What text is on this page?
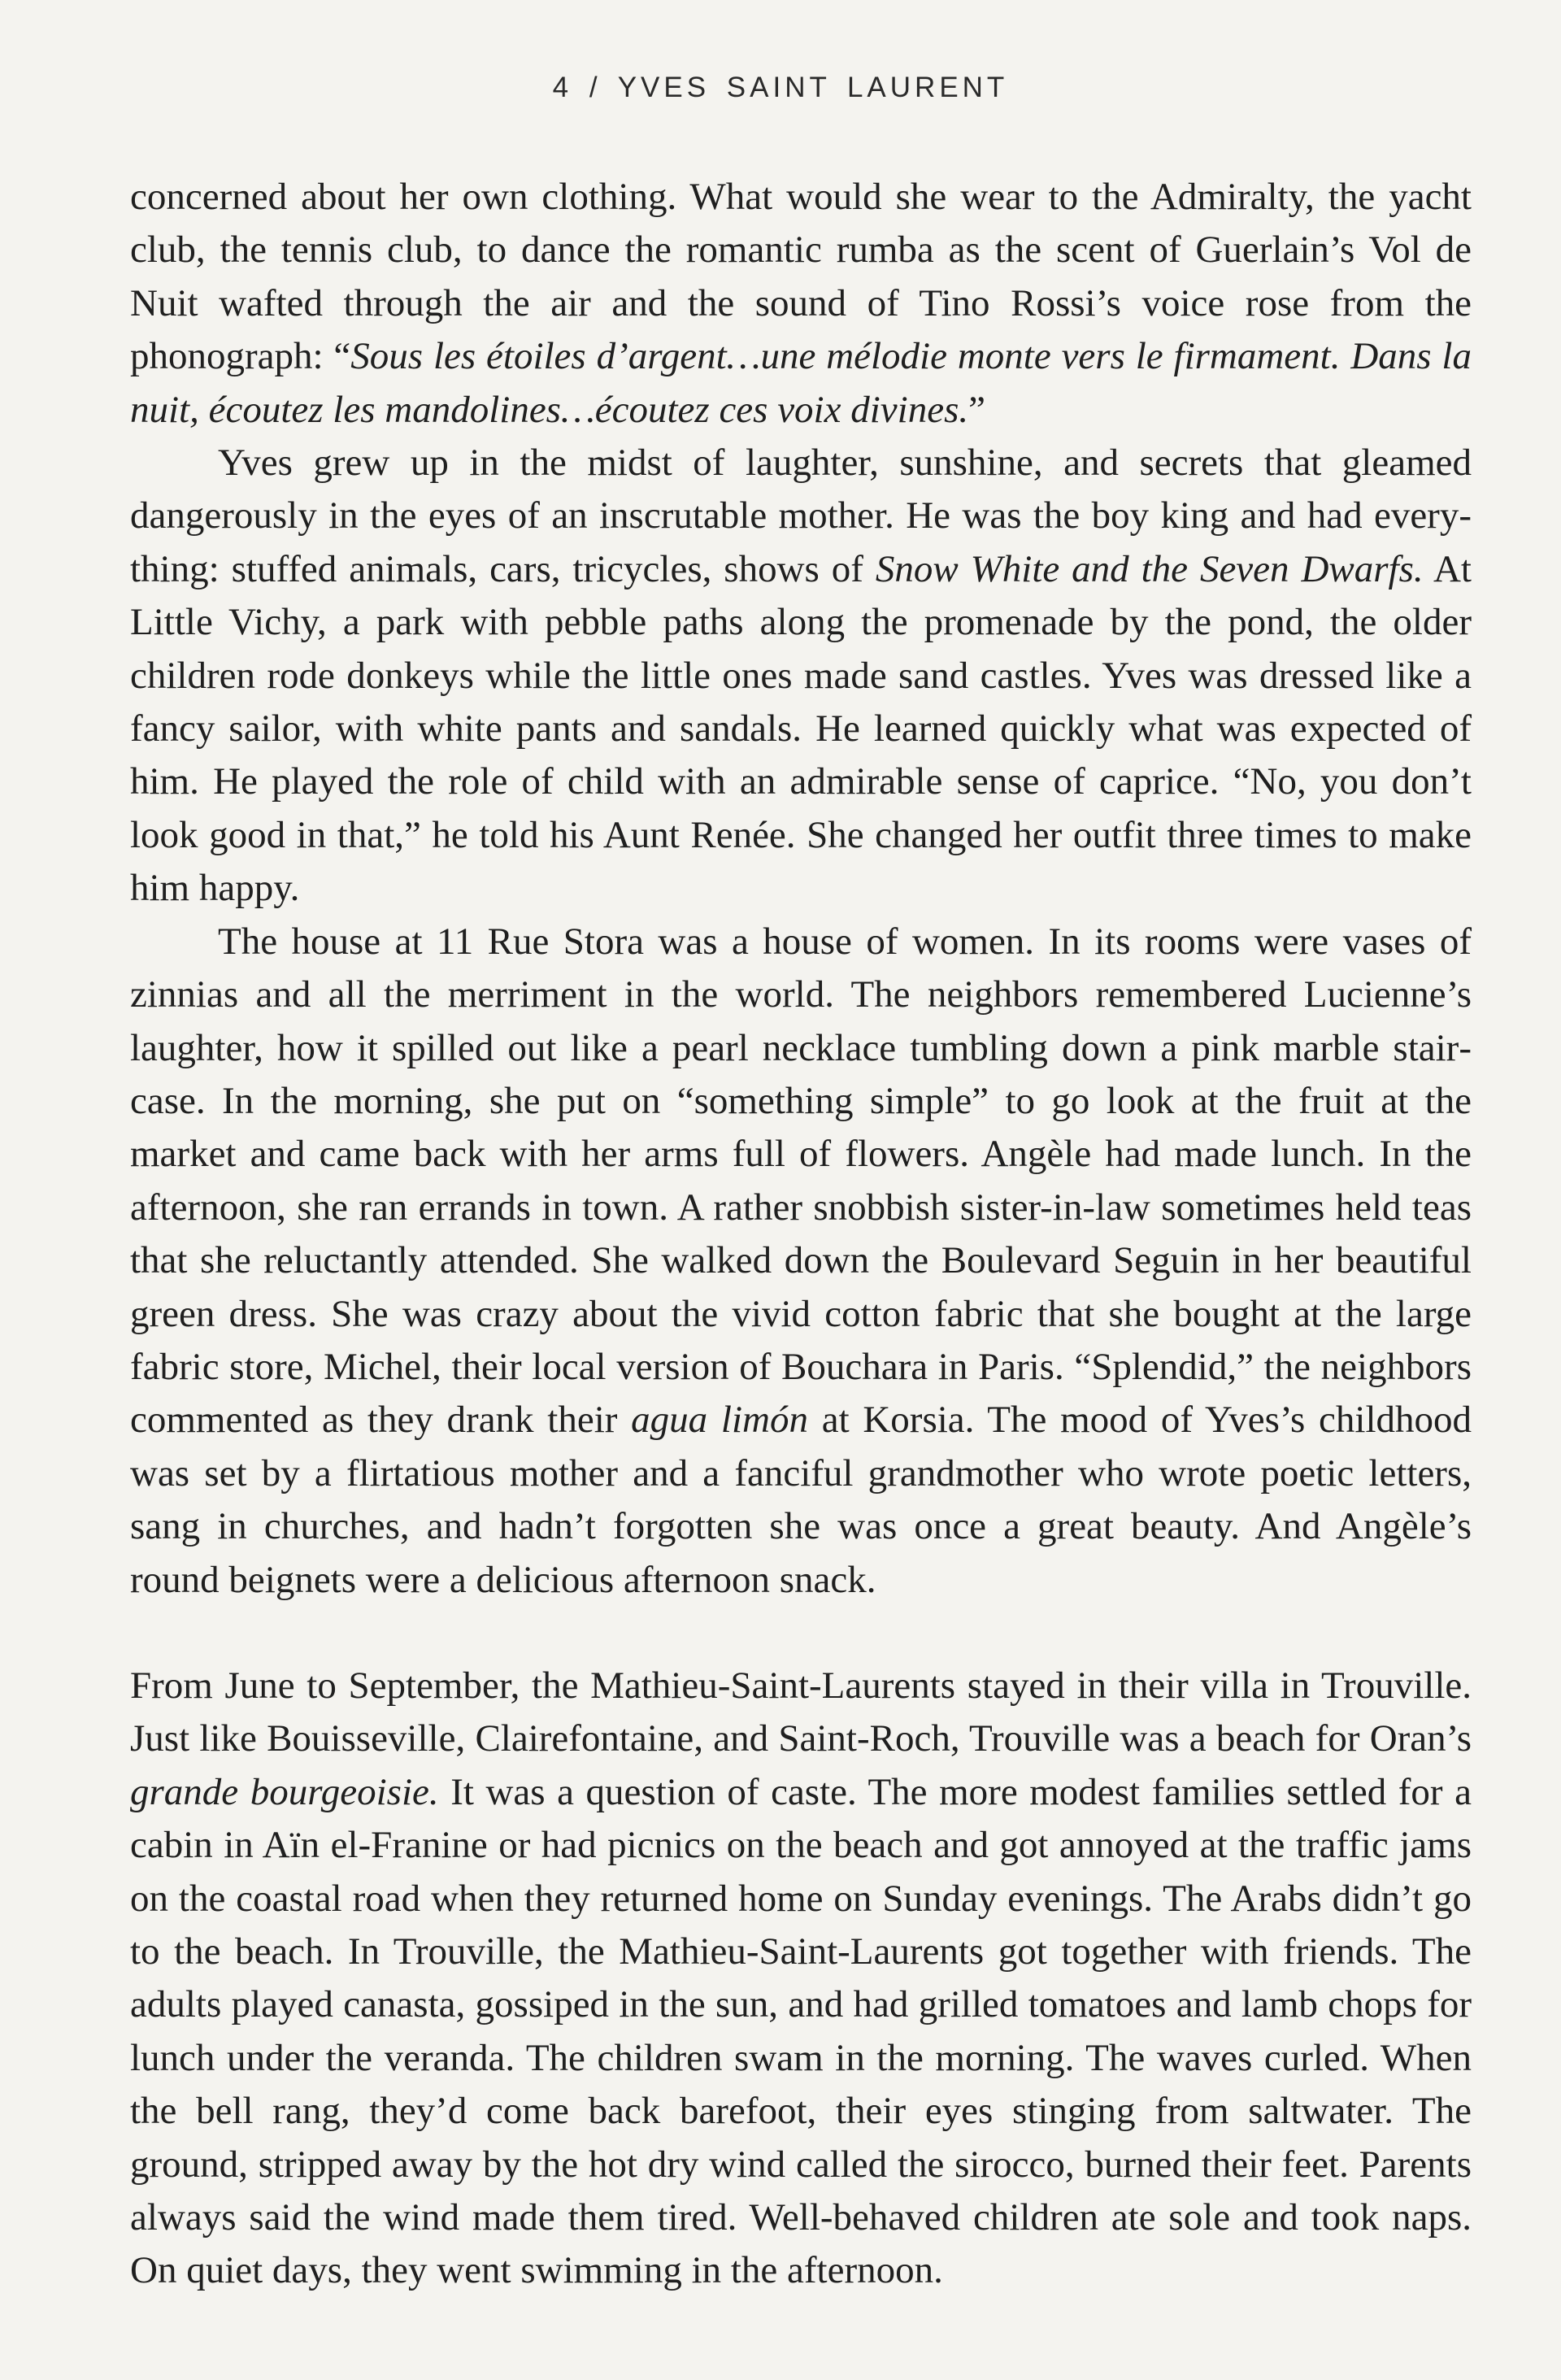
4 / YVES SAINT LAURENT

concerned about her own clothing. What would she wear to the Admiralty, the yacht club, the tennis club, to dance the romantic rumba as the scent of Guerlain’s Vol de Nuit wafted through the air and the sound of Tino Rossi’s voice rose from the phonograph: “Sous les étoiles d’argent…une mélodie monte vers le firmament. Dans la nuit, écoutez les mandolines…écoutez ces voix divines.”

Yves grew up in the midst of laughter, sunshine, and secrets that gleamed dangerously in the eyes of an inscrutable mother. He was the boy king and had everything: stuffed animals, cars, tricycles, shows of Snow White and the Seven Dwarfs. At Little Vichy, a park with pebble paths along the promenade by the pond, the older children rode donkeys while the little ones made sand castles. Yves was dressed like a fancy sailor, with white pants and sandals. He learned quickly what was expected of him. He played the role of child with an admirable sense of caprice. “No, you don’t look good in that,” he told his Aunt Renée. She changed her outfit three times to make him happy.

The house at 11 Rue Stora was a house of women. In its rooms were vases of zinnias and all the merriment in the world. The neighbors remembered Lucienne’s laughter, how it spilled out like a pearl necklace tumbling down a pink marble staircase. In the morning, she put on “something simple” to go look at the fruit at the market and came back with her arms full of flowers. Angèle had made lunch. In the afternoon, she ran errands in town. A rather snobbish sister-in-law sometimes held teas that she reluctantly attended. She walked down the Boulevard Seguin in her beautiful green dress. She was crazy about the vivid cotton fabric that she bought at the large fabric store, Michel, their local version of Bouchara in Paris. “Splendid,” the neighbors commented as they drank their agua limón at Korsia. The mood of Yves’s childhood was set by a flirtatious mother and a fanciful grandmother who wrote poetic letters, sang in churches, and hadn’t forgotten she was once a great beauty. And Angèle’s round beignets were a delicious afternoon snack.

From June to September, the Mathieu-Saint-Laurents stayed in their villa in Trouville. Just like Bouisseville, Clairefontaine, and Saint-Roch, Trouville was a beach for Oran’s grande bourgeoisie. It was a question of caste. The more modest families settled for a cabin in Aïn el-Franine or had picnics on the beach and got annoyed at the traffic jams on the coastal road when they returned home on Sunday evenings. The Arabs didn’t go to the beach. In Trouville, the Mathieu-Saint-Laurents got together with friends. The adults played canasta, gossiped in the sun, and had grilled tomatoes and lamb chops for lunch under the veranda. The children swam in the morning. The waves curled. When the bell rang, they’d come back barefoot, their eyes stinging from saltwater. The ground, stripped away by the hot dry wind called the sirocco, burned their feet. Parents always said the wind made them tired. Well-behaved children ate sole and took naps. On quiet days, they went swimming in the afternoon.
